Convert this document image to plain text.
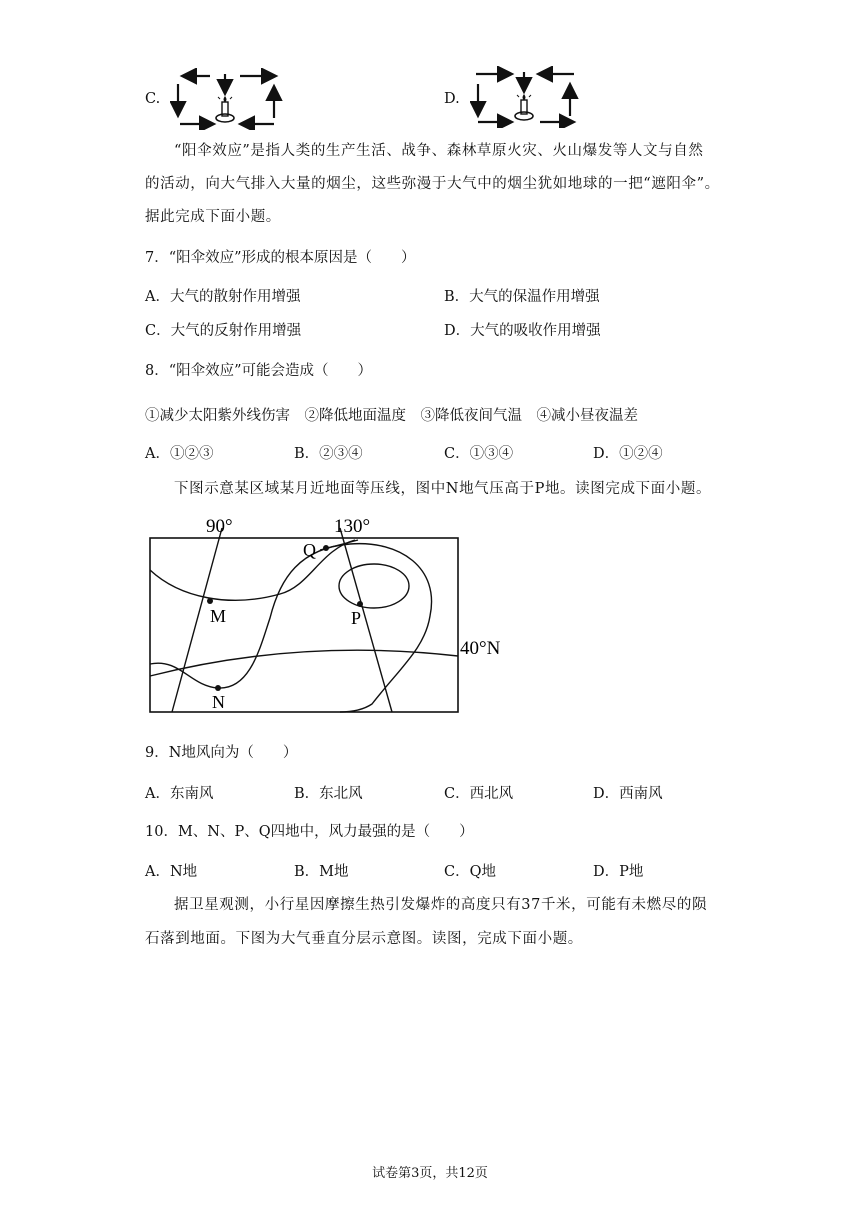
C.	D.
“阳伞效应”是指人类的生产生活、战争、森林草原火灾、火山爆发等人文与自然
的活动，向大气排入大量的烟尘，这些弥漫于大气中的烟尘犹如地球的一把“遮阳伞”。
据此完成下面小题。
7．“阳伞效应”形成的根本原因是（　　）
A．大气的散射作用增强	B．大气的保温作用增强
C．大气的反射作用增强	D．大气的吸收作用增强
8．“阳伞效应”可能会造成（　　）
①减少太阳紫外线伤害　②降低地面温度　③降低夜间气温　④减小昼夜温差
A．①②③	B．②③④	C．①③④	D．①②④
下图示意某区域某月近地面等压线，图中N地气压高于P地。读图完成下面小题。
90°	130°
40°N
Q
M	P
N
9．N地风向为（　　）
A．东南风	B．东北风	C．西北风	D．西南风
10．M、N、P、Q四地中，风力最强的是（　　）
A．N地	B．M地	C．Q地	D．P地
据卫星观测，小行星因摩擦生热引发爆炸的高度只有37千米，可能有未燃尽的陨
石落到地面。下图为大气垂直分层示意图。读图，完成下面小题。
试卷第3页，共12页
